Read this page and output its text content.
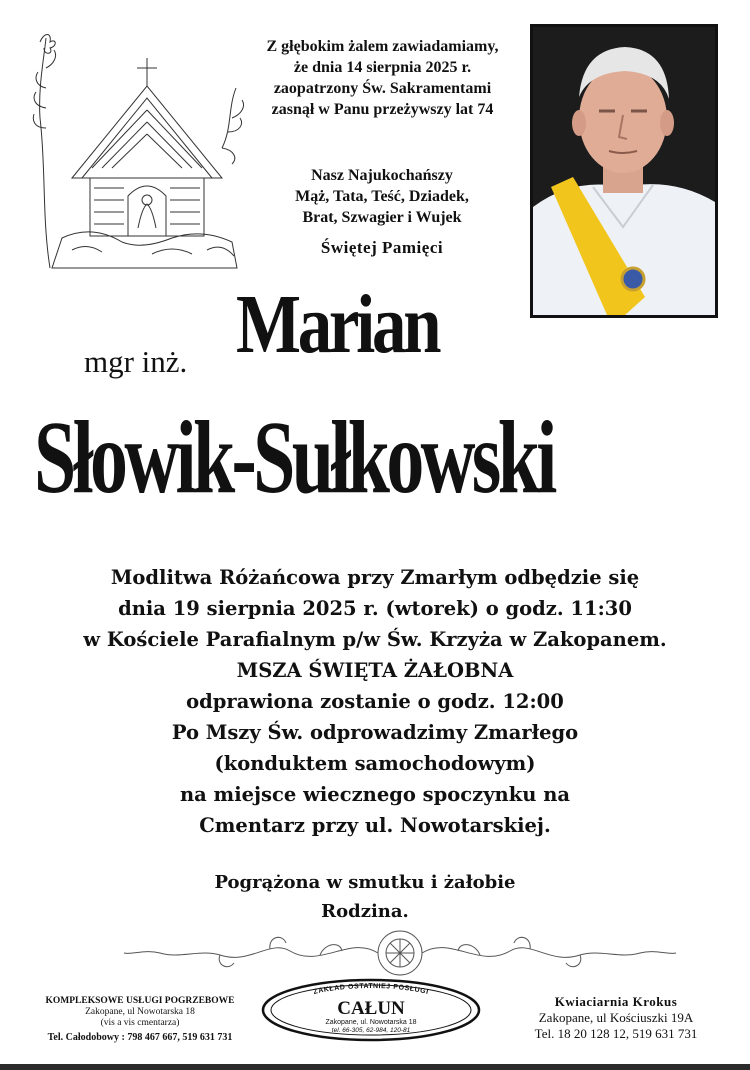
Z głębokim żalem zawiadamiamy,
że dnia 14 sierpnia 2025 r.
zaopatrzony Św. Sakramentami
zasnął w Panu przeżywszy lat 74
Nasz Najukochańszy
Mąż, Tata, Teść, Dziadek,
Brat, Szwagier i Wujek
Świętej Pamięci
mgr inż. Marian
Słowik-Sułkowski
Modlitwa Różańcowa przy Zmarłym odbędzie się
dnia 19 sierpnia 2025 r. (wtorek) o godz. 11:30
w Kościele Parafialnym p/w Św. Krzyża w Zakopanem.
MSZA ŚWIĘTA ŻAŁOBNA
odprawiona zostanie o godz. 12:00
Po Mszy Św. odprowadzimy Zmarłego
(konduktem samochodowym)
na miejsce wiecznego spoczynku na
Cmentarz przy ul. Nowotarskiej.
Pogrążona w smutku i żałobie
Rodzina.
KOMPLEKSOWE USŁUGI POGRZEBOWE
Zakopane, ul Nowotarska 18
(vis a vis cmentarza)
Tel. Całodobowy : 798 467 667, 519 631 731
ZAKŁAD OSTATNIEJ POSŁUGI
CAŁUN
Zakopane, ul. Nowotarska 18
tel. 66-305, 62-984, 120-81
Kwiaciarnia Krokus
Zakopane, ul Kościuszki 19A
Tel. 18 20 128 12, 519 631 731
